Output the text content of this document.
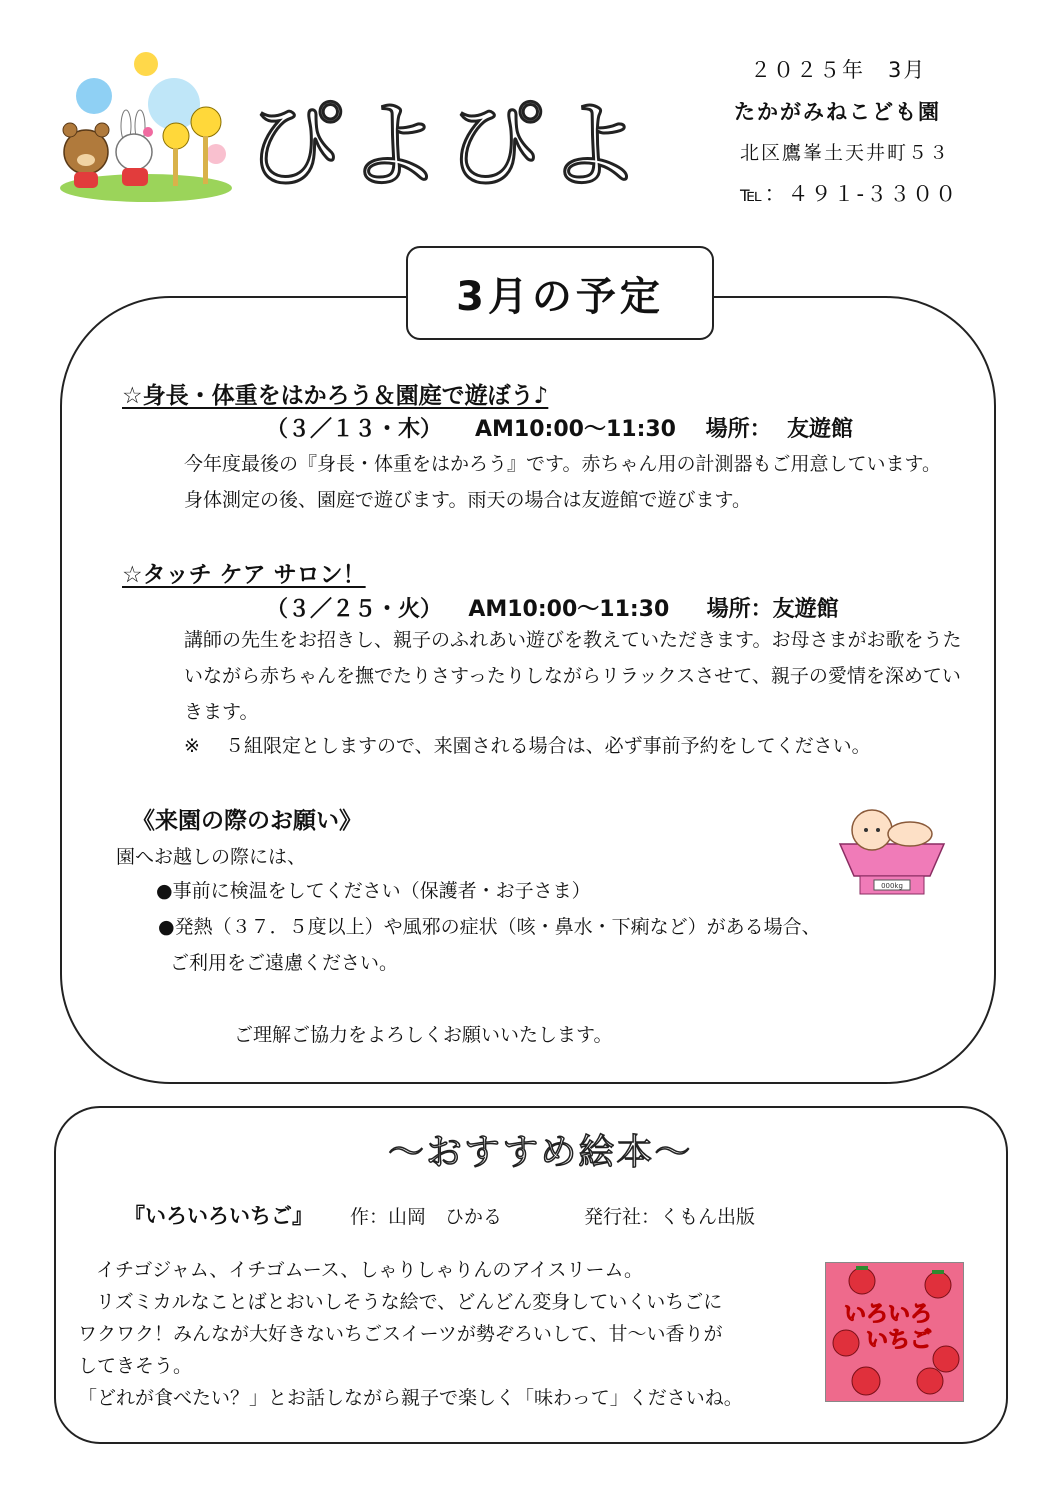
ぴよぴよ
２０２５年　3月
たかがみねこども園
北区鷹峯土天井町５３
℡：４９１-３３００
3月の予定
☆身長・体重をはかろう＆園庭で遊ぼう♪
（３／１３・木）　　AM10:00～11:30　 場所：  友遊館
今年度最後の『身長・体重をはかろう』です。赤ちゃん用の計測器もご用意しています。
身体測定の後、園庭で遊びます。雨天の場合は友遊館で遊びます。
☆タッチ ケア サロン！
（３／２５・火）　  AM10:00～11:30　  場所：友遊館
講師の先生をお招きし、親子のふれあい遊びを教えていただきます。お母さまがお歌をうた
いながら赤ちゃんを撫でたりさすったりしながらリラックスさせて、親子の愛情を深めてい
きます。
※　 ５組限定としますので、来園される場合は、必ず事前予約をしてください。
《来園の際のお願い》
園へお越しの際には、
●事前に検温をしてください（保護者・お子さま）
●発熱（３７．５度以上）や風邪の症状（咳・鼻水・下痢など）がある場合、
ご利用をご遠慮ください。
ご理解ご協力をよろしくお願いいたします。
000kg
～おすすめ絵本～
『いろいろいちご』 作：山岡　ひかる	発行社：くもん出版
イチゴジャム、イチゴムース、しゃりしゃりんのアイスリーム。
リズミカルなことばとおいしそうな絵で、どんどん変身していくいちごに
ワクワク！みんなが大好きないちごスイーツが勢ぞろいして、甘～い香りが
してきそう。
「どれが食べたい？」とお話しながら親子で楽しく「味わって」くださいね。
いろいろ
いちご
